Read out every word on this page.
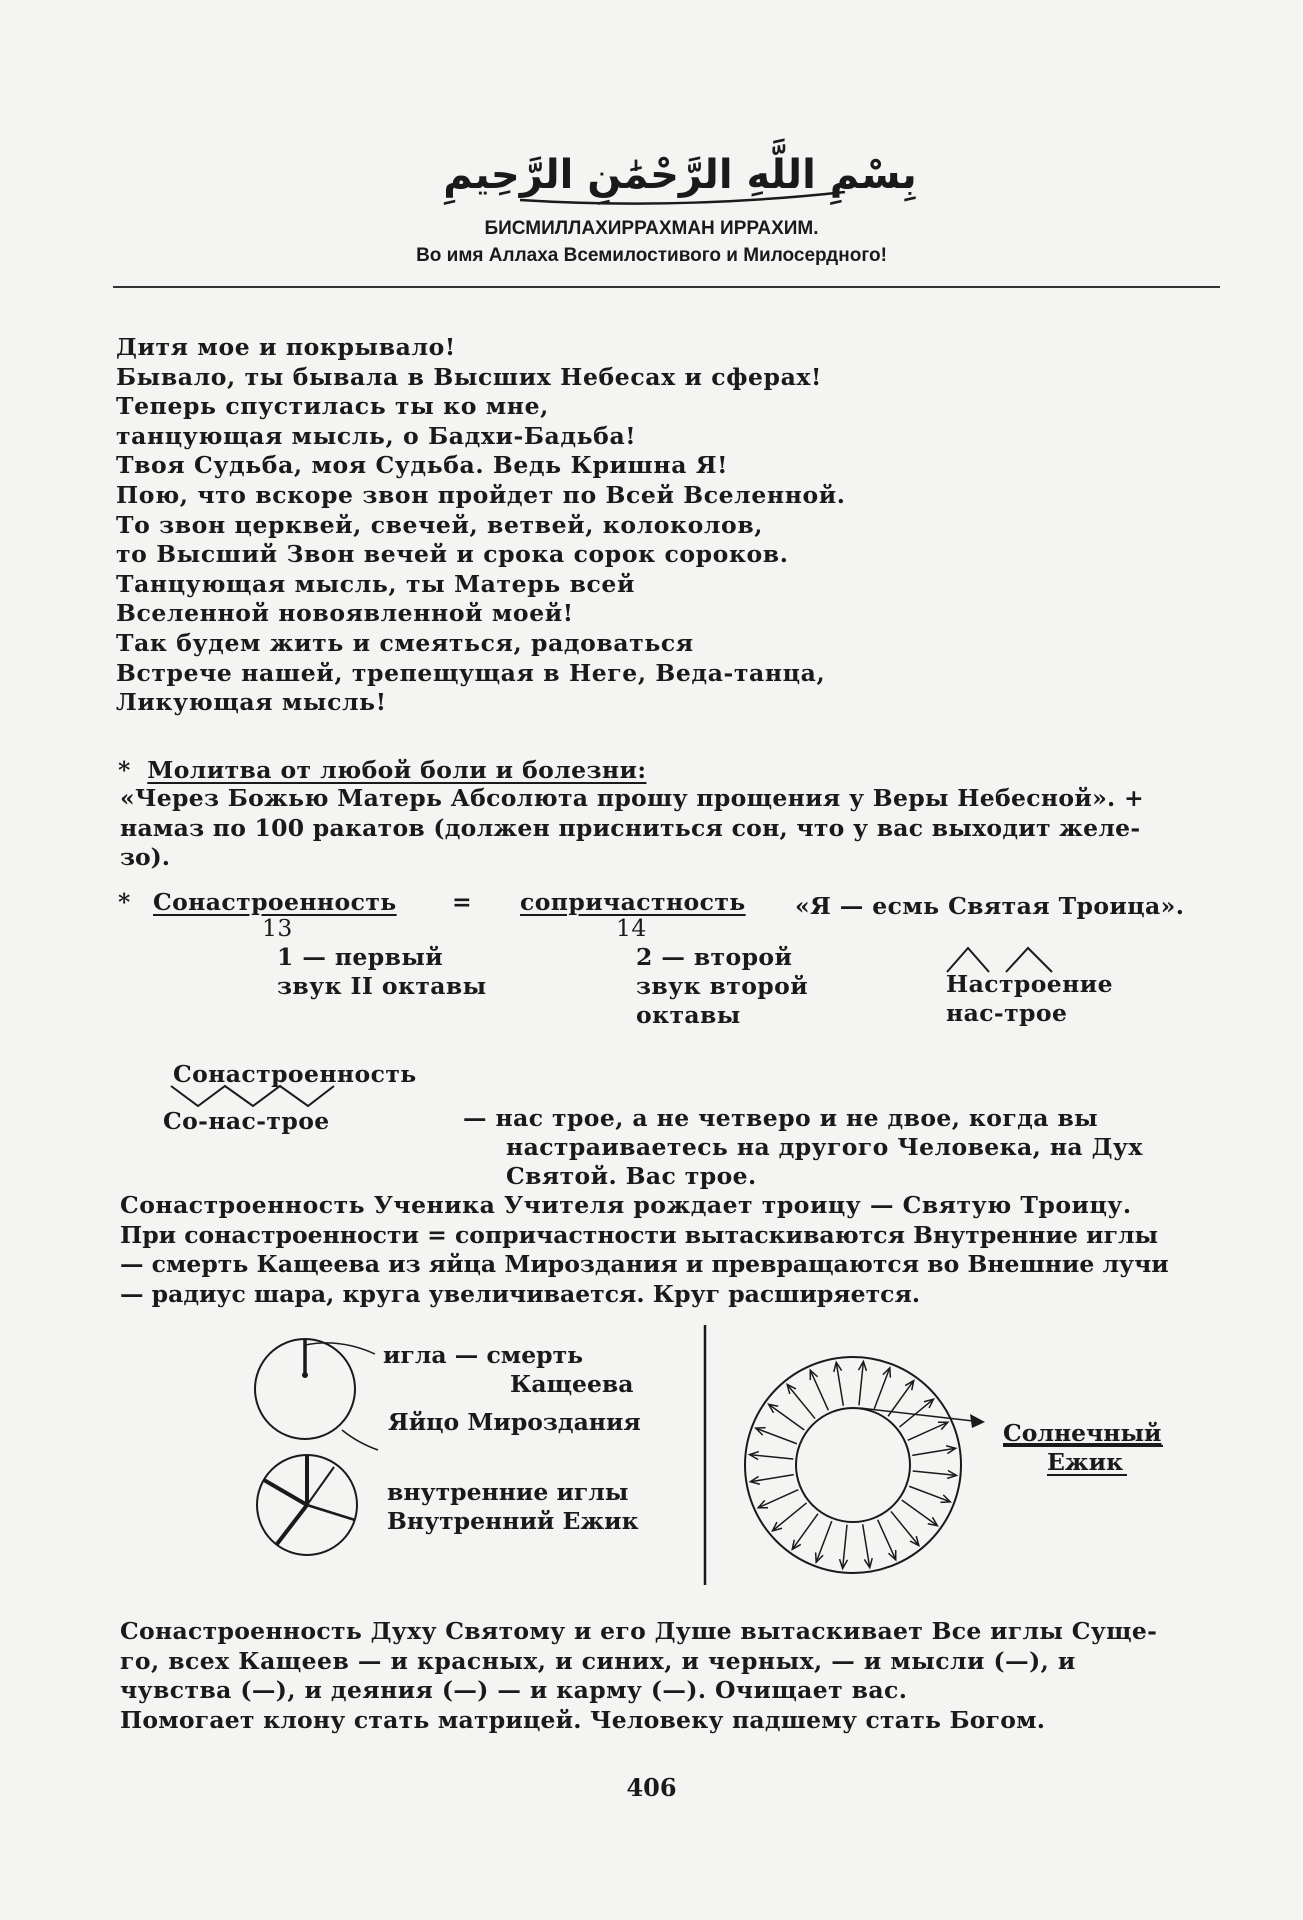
بِسْمِ اللَّهِ الرَّحْمَٰنِ الرَّحِيمِ
БИСМИЛЛАХИРРАХМАН ИРРАХИМ.
Во имя Аллаха Всемилостивого и Милосердного!
Дитя мое и покрывало!
Бывало, ты бывала в Высших Небесах и сферах!
Теперь спустилась ты ко мне,
танцующая мысль, о Бадхи-Бадьба!
Твоя Судьба, моя Судьба. Ведь Кришна Я!
Пою, что вскоре звон пройдет по Всей Вселенной.
То звон церквей, свечей, ветвей, колоколов,
то Высший Звон вечей и срока сорок сороков.
Танцующая мысль, ты Матерь всей
Вселенной новоявленной моей!
Так будем жить и смеяться, радоваться
Встрече нашей, трепещущая в Неге, Веда-танца,
Ликующая мысль!
* Молитва от любой боли и болезни:
«Через Божью Матерь Абсолюта прошу прощения у Веры Небесной». +
намаз по 100 ракатов (должен присниться сон, что у вас выходит желе-
зо).
* Сонастроенность = сопричастность «Я — есмь Святая Троица».
13	14
1 — первый
звук II октавы
2 — второй
звук второй
октавы
Настроение
нас-трое
Сонастроенность
Со-нас-трое	— нас трое, а не четверо и не двое, когда вы
настраиваетесь на другого Человека, на Дух
Святой. Вас трое.
Сонастроенность Ученика Учителя рождает троицу — Святую Троицу.
При сонастроенности = сопричастности вытаскиваются Внутренние иглы
— смерть Кащеева из яйца Мироздания и превращаются во Внешние лучи
— радиус шара, круга увеличивается. Круг расширяется.
игла — смерть
Кащеева
Яйцо Мироздания
внутренние иглы
Внутренний Ежик
Солнечный
Ежик
Сонастроенность Духу Святому и его Душе вытаскивает Все иглы Суще-
го, всех Кащеев — и красных, и синих, и черных, — и мысли (—), и
чувства (—), и деяния (—) — и карму (—). Очищает вас.
Помогает клону стать матрицей. Человеку падшему стать Богом.
406
